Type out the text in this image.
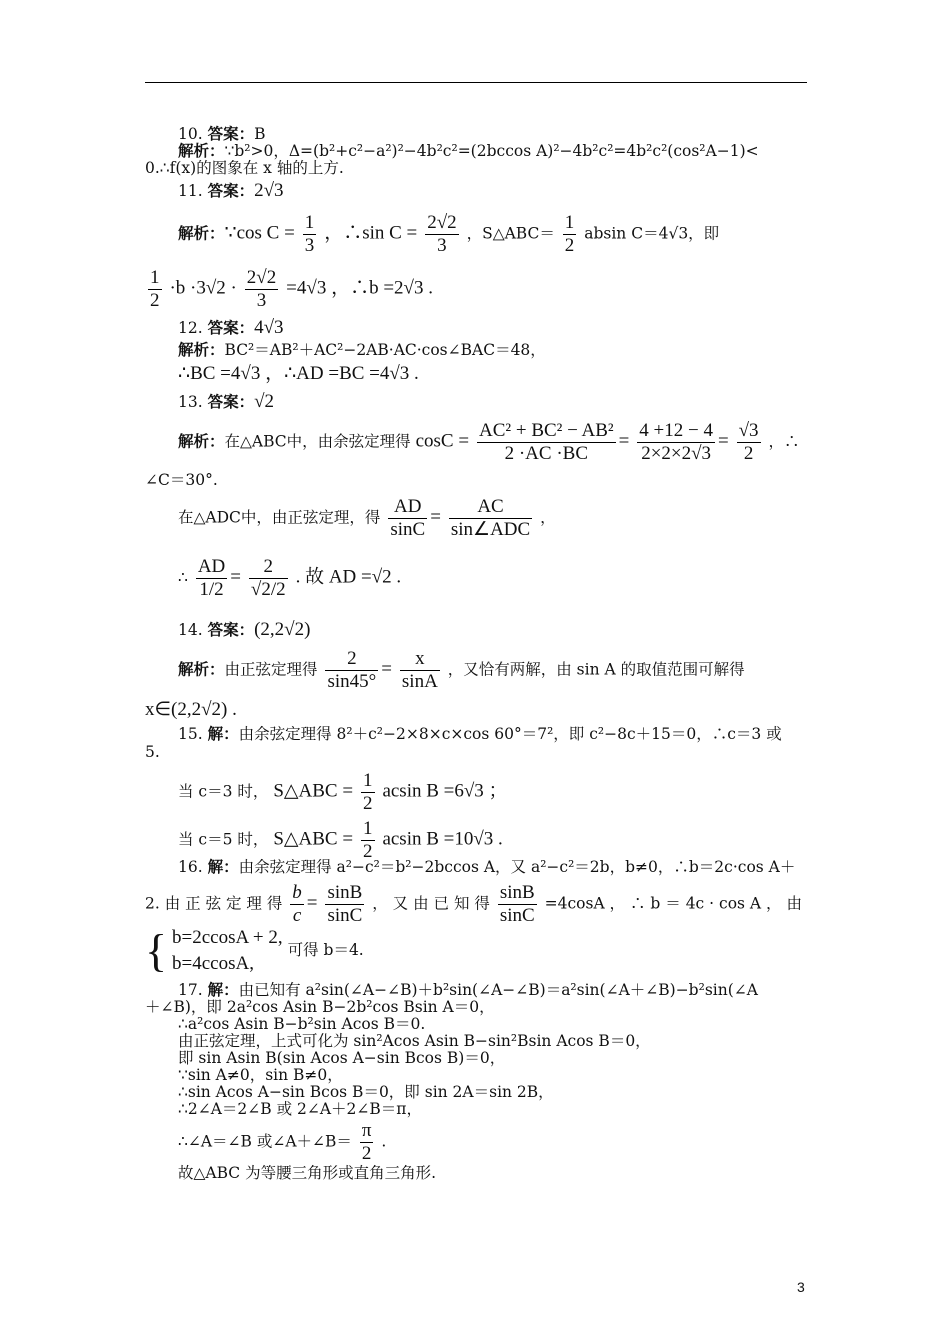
10. 答案：B
解析：∵b²>0，Δ=(b²+c²−a²)²−4b²c²=(2bccos A)²−4b²c²=4b²c²(cos²A−1)<
0.∴f(x)的图象在 x 轴的上方.
11. 答案：2√3
解析：∵cos $C = \frac{1}{3}$ ，∴sin $C = \frac{2√2}{3}$ ，S△ABC＝ $\frac{1}{2}$ absin C＝4√3，即
$\frac{1}{2} \cdot b \cdot 3√2 \cdot \frac{2√2}{3} =4√3$ ，∴b =2√3 .
12. 答案：4√3
解析：BC²＝AB²＋AC²−2AB·AC·cos∠BAC＝48，
∴BC =4√3 ，∴AD =BC =4√3 .
13. 答案：√2
解析：在△ABC中，由余弦定理得 $\cos C = \frac{\text{AC² + BC² − AB²}}{2 \cdot AC \cdot BC} = \frac{4 +12 - 4}{2\times 2\times 2√3} = \frac{√3}{2}$ ，∴
∠C＝30°.
在△ADC中，由正弦定理，得 $\frac{AD}{\sin C} = \frac{AC}{\text{sin∠ADC}}$ ，
∴ $\frac{AD}{1/2} = \frac{2}{√2/2}$ . 故 AD =√2 .
14. 答案：(2,2√2)
解析：由正弦定理得 $\frac{2}{\sin 45^\circ} = \frac{x}{\sin A}$ ，又恰有两解，由 sin A 的取值范围可解得
x∈(2,2√2) .
15. 解：由余弦定理得 8²＋c²−2×8×c×cos 60°＝7²，即 c²−8c＋15＝0，∴c＝3 或
5.
当 c＝3 时， S△ABC = $\frac{1}{2}$ acsin B =6√3 ；
当 c＝5 时， S△ABC = $\frac{1}{2}$ acsin B =10√3 .
16. 解：由余弦定理得 a²−c²＝b²−2bccos A，又 a²−c²＝2b，b≠0，∴b＝2c·cos A＋
2. 由 正 弦 定 理 得 $\frac{b}{c} = \frac{\sin B}{\sin C}$ ， 又 由 已 知 得 $\frac{\sin B}{\sin C} =4\cos A$ ， ∴ b ＝ 4c · cos A ， 由
{ b=2ccosA + 2,
b=4ccosA,
可得 b＝4.
17. 解：由已知有 a²sin(∠A−∠B)＋b²sin(∠A−∠B)＝a²sin(∠A＋∠B)−b²sin(∠A
＋∠B)，即 2a²cos Asin B−2b²cos Bsin A＝0，
∴a²cos Asin B−b²sin Acos B＝0.
由正弦定理，上式可化为 sin²Acos Asin B−sin²Bsin Acos B＝0，
即 sin Asin B(sin Acos A−sin Bcos B)＝0，
∵sin A≠0，sin B≠0，
∴sin Acos A−sin Bcos B＝0，即 sin 2A＝sin 2B，
∴2∠A＝2∠B 或 2∠A＋2∠B＝π，
∴∠A＝∠B 或∠A＋∠B＝ $\frac{\pi}{2}$ .
故△ABC 为等腰三角形或直角三角形.
3
